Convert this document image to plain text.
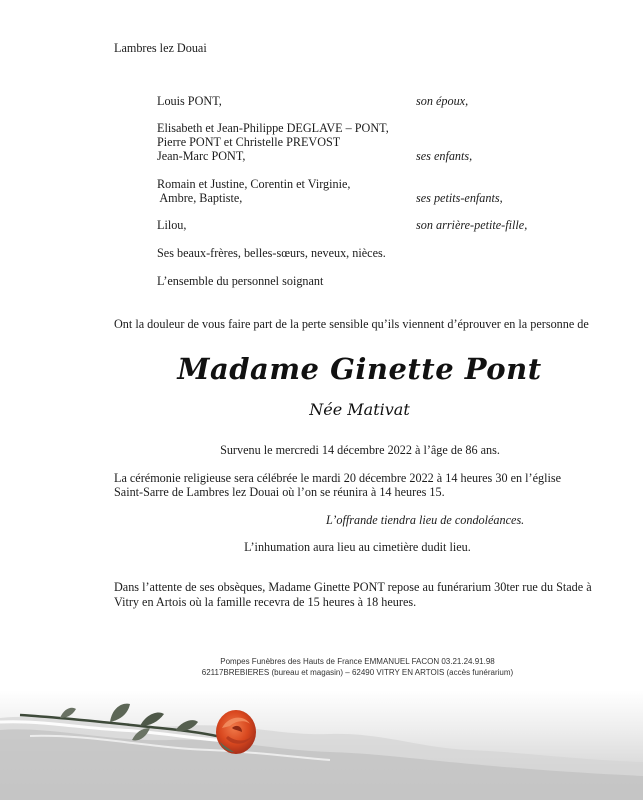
Lambres lez Douai
Louis PONT,	son époux,
Elisabeth et Jean-Philippe DEGLAVE – PONT,
Pierre PONT et Christelle PREVOST
Jean-Marc PONT,	ses enfants,
Romain et Justine, Corentin et Virginie,
Ambre, Baptiste,	ses petits-enfants,
Lilou,	son arrière-petite-fille,
Ses beaux-frères, belles-sœurs, neveux, nièces.
L’ensemble du personnel soignant
Ont la douleur de vous faire part de la perte sensible qu’ils viennent d’éprouver en la personne de
Madame Ginette Pont
Née Mativat
Survenu le mercredi 14 décembre 2022 à l’âge de 86 ans.
La cérémonie religieuse sera célébrée le mardi 20 décembre 2022 à 14 heures 30 en l’église
Saint-Sarre de Lambres lez Douai où l’on se réunira à 14 heures 15.
L’offrande tiendra lieu de condoléances.
L’inhumation aura lieu au cimetière dudit lieu.
Dans l’attente de ses obsèques, Madame Ginette PONT repose au funérarium 30ter rue du Stade à
Vitry en Artois où la famille recevra de 15 heures à 18 heures.
Pompes Funèbres des Hauts de France EMMANUEL FACON 03.21.24.91.98
62117BREBIERES (bureau et magasin) – 62490 VITRY EN ARTOIS (accès funérarium)
